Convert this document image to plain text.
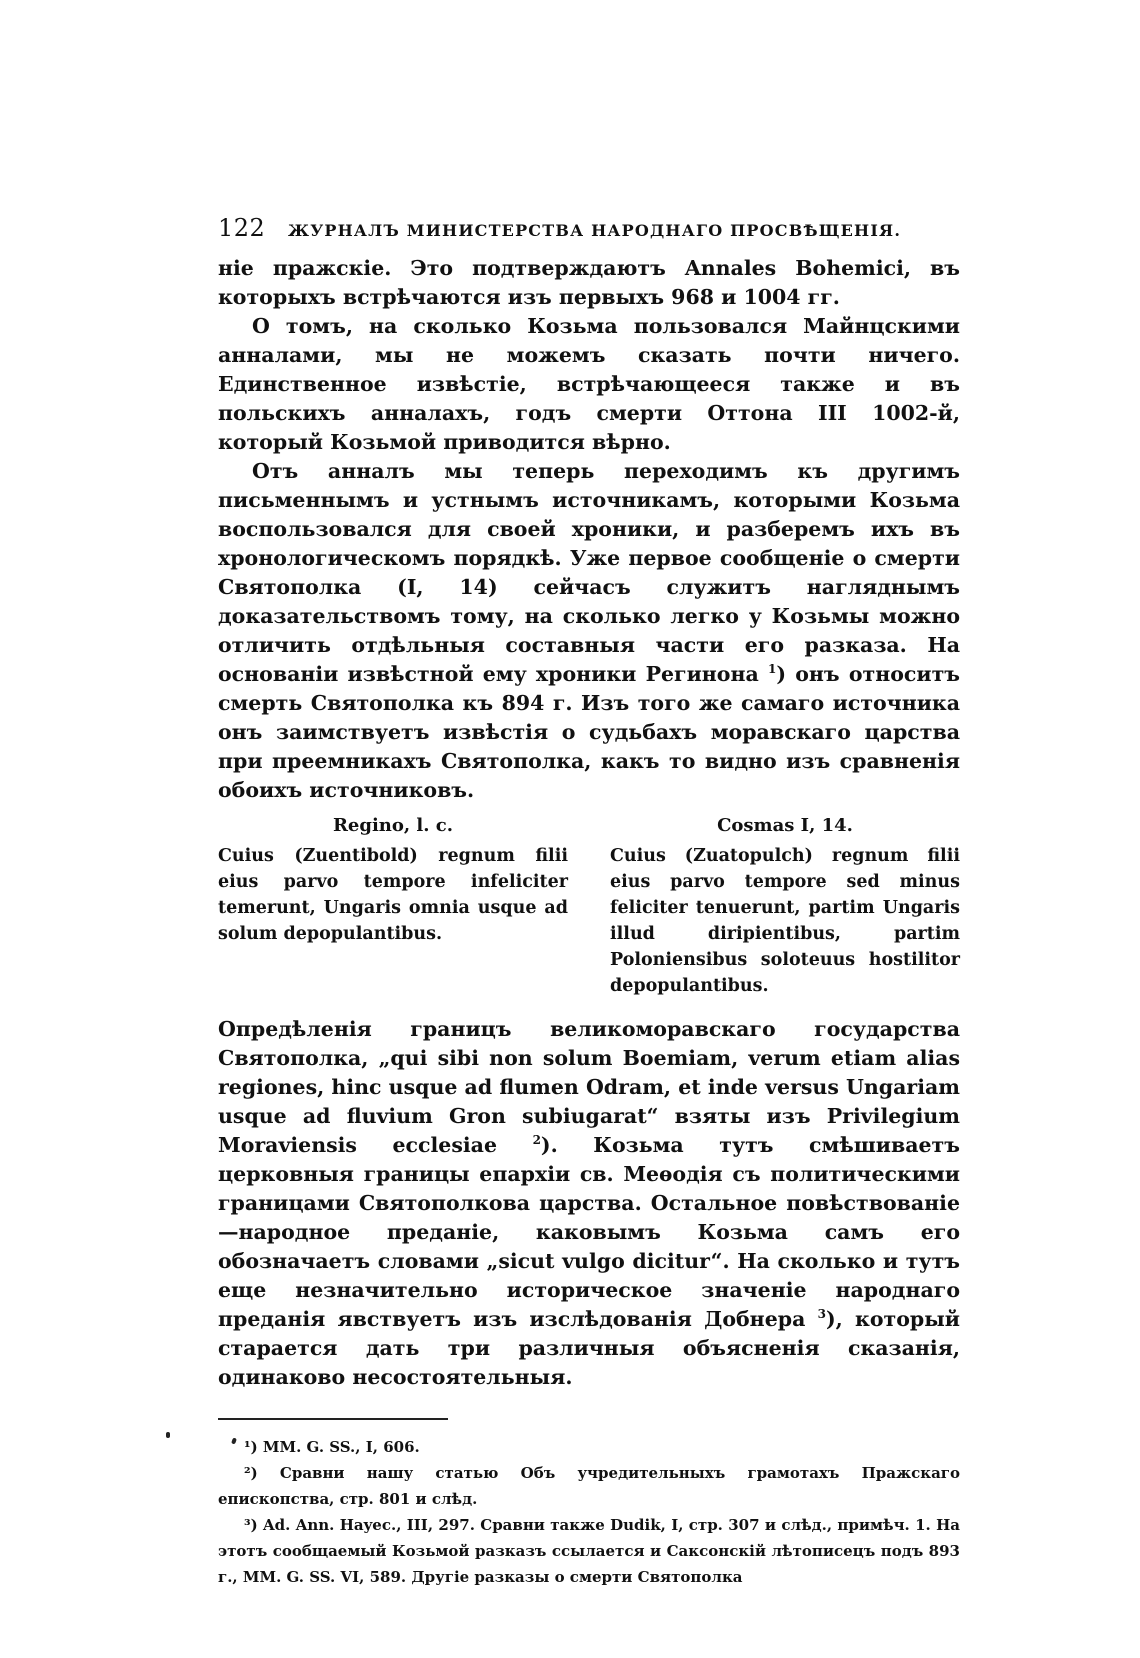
122	ЖУРНАЛЪ МИНИСТЕРСТВА НАРОДНАГО ПРОСВѢЩЕНІЯ.

ніе пражскіе. Это подтверждаютъ Annales Bohemici, въ которыхъ встрѣчаются изъ первыхъ 968 и 1004 гг.

О томъ, на сколько Козьма пользовался Майнцскими анналами, мы не можемъ сказать почти ничего. Единственное извѣстіе, встрѣчающееся также и въ польскихъ анналахъ, годъ смерти Оттона III 1002-й, который Козьмой приводится вѣрно.

Отъ анналъ мы теперь переходимъ къ другимъ письменнымъ и устнымъ источникамъ, которыми Козьма воспользовался для своей хроники, и разберемъ ихъ въ хронологическомъ порядкѣ. Уже первое сообщеніе о смерти Святополка (I, 14) сейчасъ служитъ нагляднымъ доказательствомъ тому, на сколько легко у Козьмы можно отличить отдѣльныя составныя части его разказа. На основаніи извѣстной ему хроники Регинона $^1$) онъ относитъ смерть Святополка къ 894 г. Изъ того же самаго источника онъ заимствуетъ извѣстія о судьбахъ моравскаго царства при преемникахъ Святополка, какъ то видно изъ сравненія обоихъ источниковъ.

Regino, l. c.
Cuius (Zuentibold) regnum filii eius parvo tempore infeliciter temerunt, Ungaris omnia usque ad solum depopulantibus.
Cosmas I, 14.
Cuius (Zuatopulch) regnum filii eius parvo tempore sed minus feliciter tenuerunt, partim Ungaris illud diripientibus, partim Poloniensibus soloteuus hostilitor depopulantibus.

Опредѣленія границъ великоморавскаго государства Святополка, „qui sibi non solum Boemiam, verum etiam alias regiones, hinc usque ad flumen Odram, et inde versus Ungariam usque ad fluvium Gron subiugarat“ взяты изъ Privilegium Moraviensis ecclesiae	$^2$). Козьма тутъ смѣшиваетъ церковныя границы епархіи св. Меѳодія съ политическими границами Святополкова царства. Остальное повѣствованіе—народное преданіе, каковымъ Козьма самъ его обозначаетъ словами „sicut vulgo dicitur“. На сколько и тутъ еще незначительно историческое значеніе народнаго преданія явствуетъ изъ изслѣдованія Добнера $^3$), который старается дать три различныя объясненія сказанія, одинаково несостоятельныя.

¹) MM. G. SS., I, 606.

²) Сравни нашу статью Объ учредительныхъ грамотахъ Пражскаго епископства, стр. 801 и слѣд.

³) Ad. Ann. Hayec., III, 297. Сравни также Dudik, I, стр. 307 и слѣд., примѣч. 1. На этотъ сообщаемый Козьмой разказъ ссылается и Саксонскій лѣтописецъ подъ 893 г., MM. G. SS. VI, 589. Другіе разказы о смерти Святополка
